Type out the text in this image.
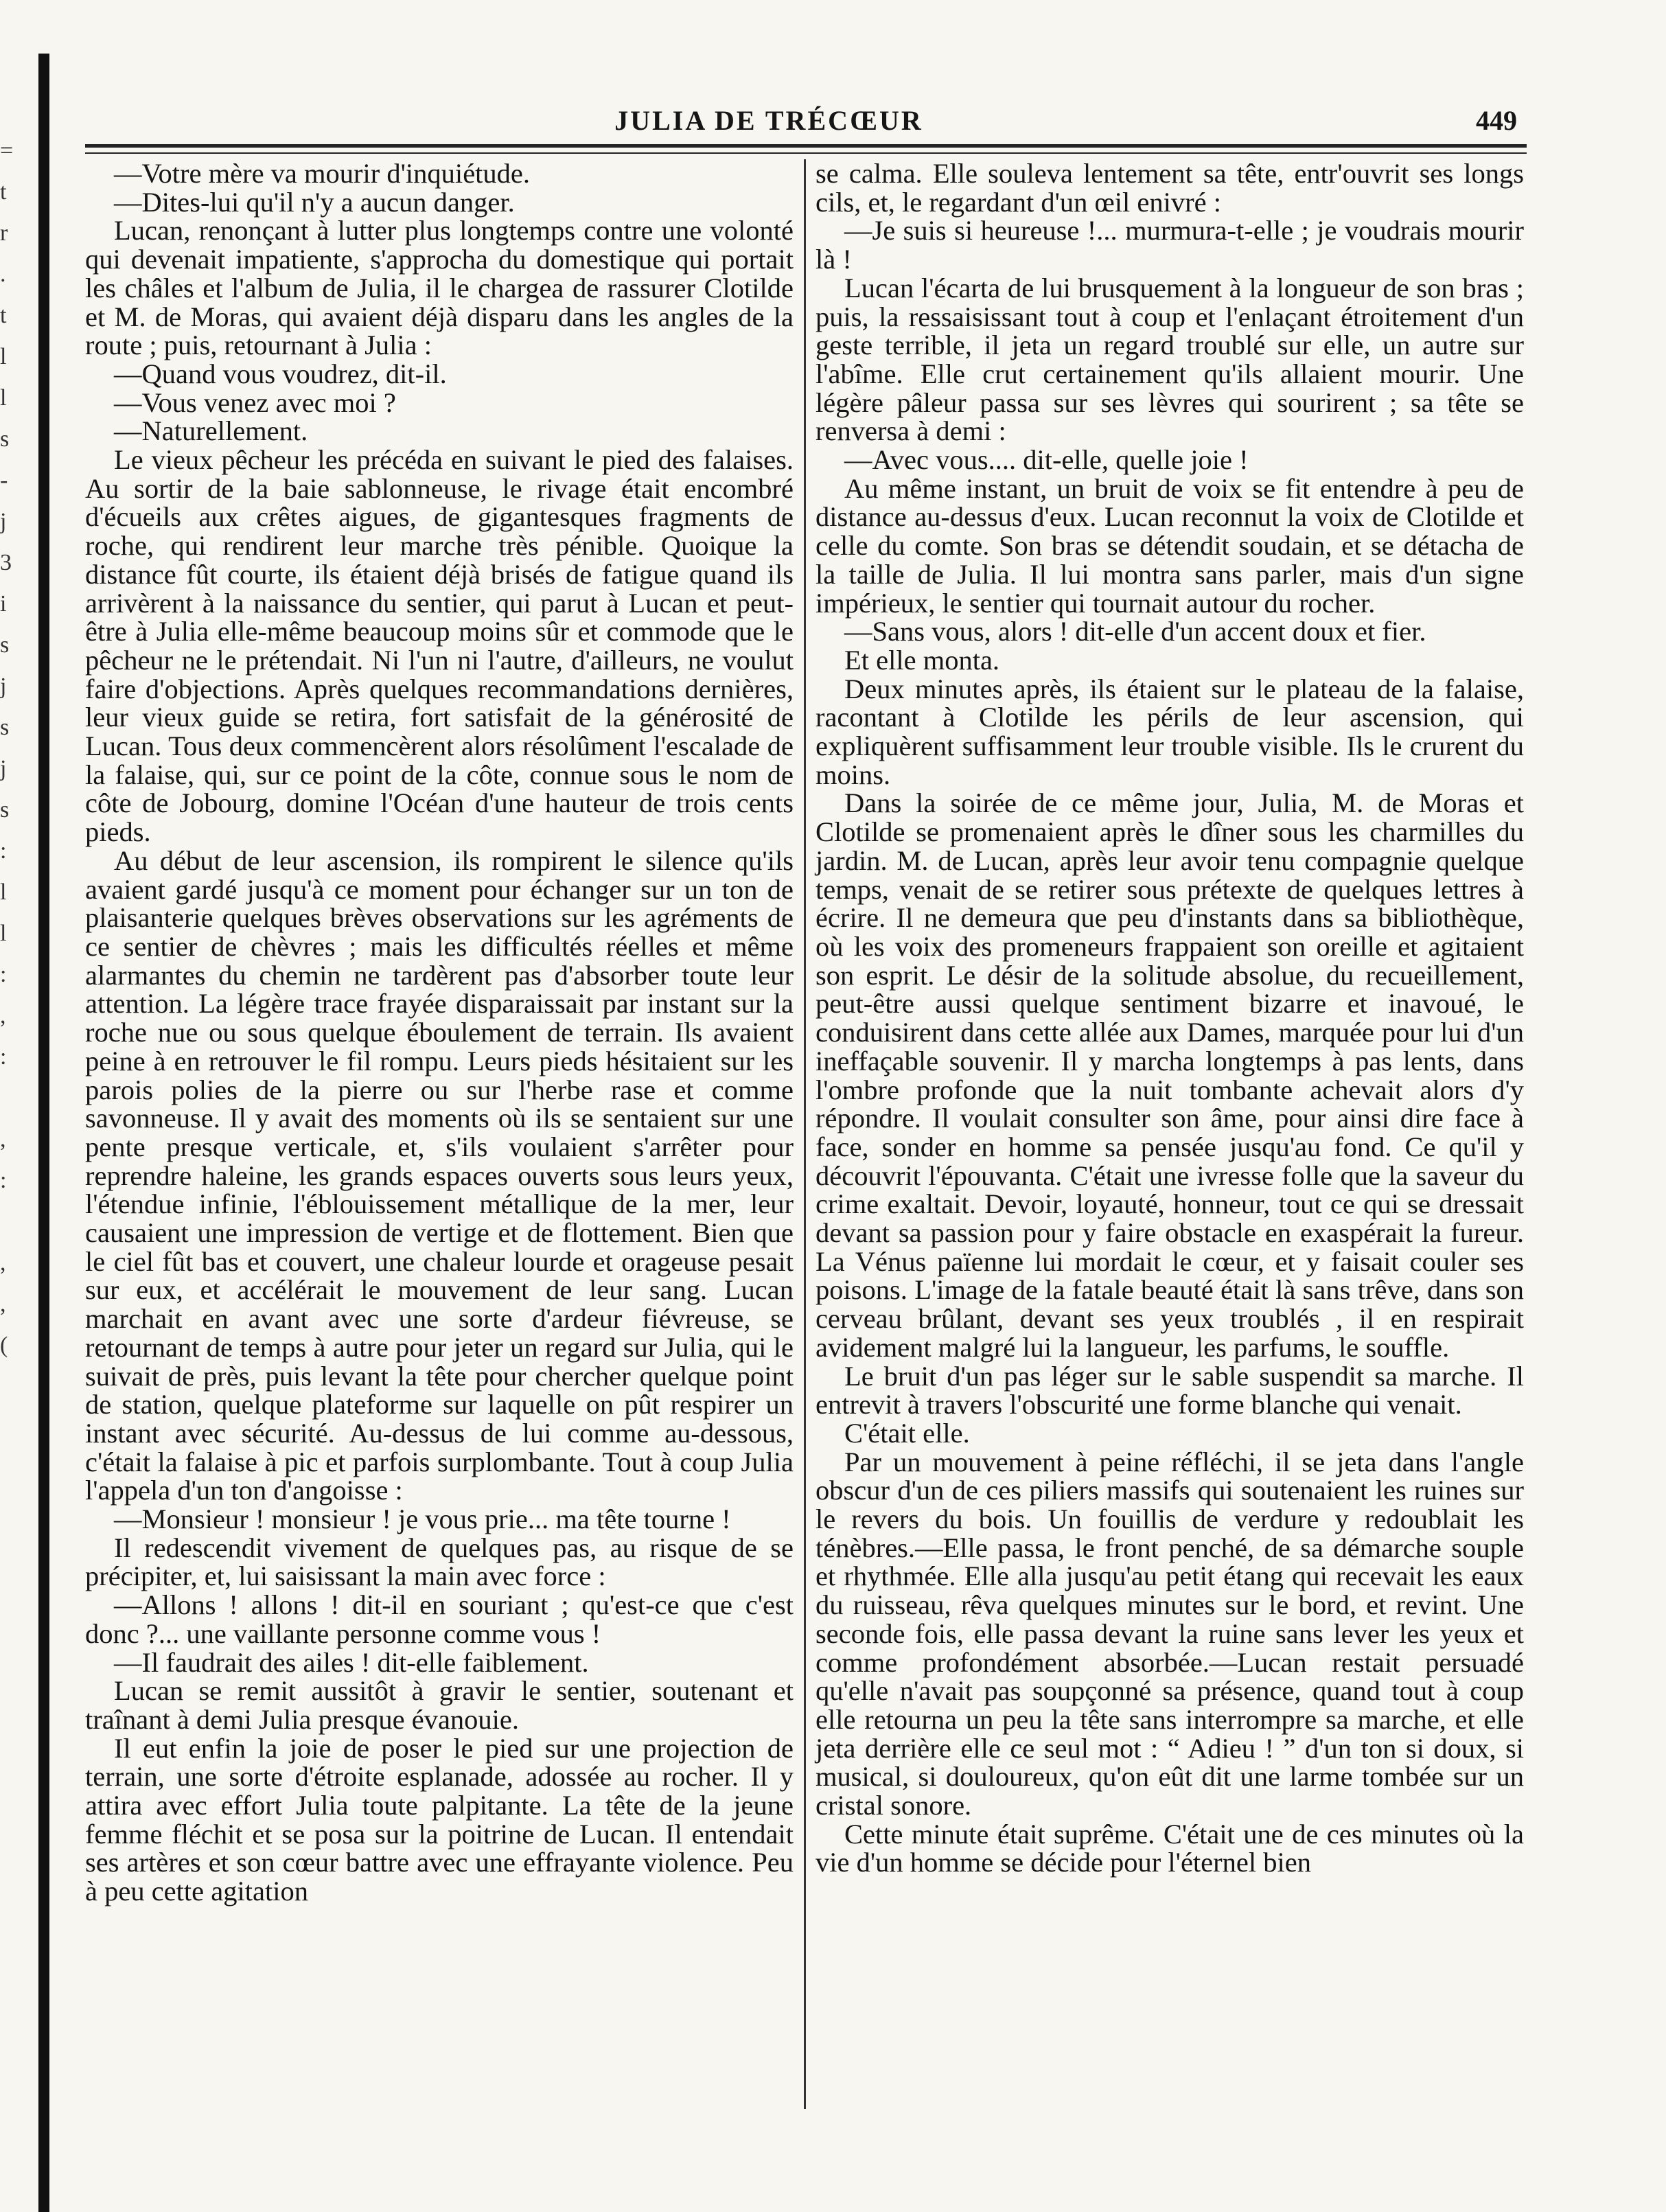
=
t
r
.
t
l
l
s
-
j
3
i
s
j
s
j
s
:
l
l
:
,
:
,
:
,
,
(
JULIA DE TRÉCŒUR	449

—Votre mère va mourir d'inquiétude.

—Dites-lui qu'il n'y a aucun danger.

Lucan, renonçant à lutter plus longtemps contre une volonté qui devenait impatiente, s'approcha du domestique qui portait les châles et l'album de Julia, il le chargea de rassurer Clotilde et M. de Moras, qui avaient déjà disparu dans les angles de la route ; puis, retournant à Julia :

—Quand vous voudrez, dit-il.

—Vous venez avec moi ?

—Naturellement.

Le vieux pêcheur les précéda en suivant le pied des falaises. Au sortir de la baie sablonneuse, le rivage était encombré d'écueils aux crêtes aigues, de gigantesques fragments de roche, qui rendirent leur marche très pénible. Quoique la distance fût courte, ils étaient déjà brisés de fatigue quand ils arrivèrent à la naissance du sentier, qui parut à Lucan et peut-être à Julia elle-même beaucoup moins sûr et commode que le pêcheur ne le prétendait. Ni l'un ni l'autre, d'ailleurs, ne voulut faire d'objections. Après quelques recommandations dernières, leur vieux guide se retira, fort satisfait de la générosité de Lucan. Tous deux commencèrent alors résolûment l'escalade de la falaise, qui, sur ce point de la côte, connue sous le nom de côte de Jobourg, domine l'Océan d'une hauteur de trois cents pieds.

Au début de leur ascension, ils rompirent le silence qu'ils avaient gardé jusqu'à ce moment pour échanger sur un ton de plaisanterie quelques brèves observations sur les agréments de ce sentier de chèvres ; mais les difficultés réelles et même alarmantes du chemin ne tardèrent pas d'absorber toute leur attention. La légère trace frayée disparaissait par instant sur la roche nue ou sous quelque éboulement de terrain. Ils avaient peine à en retrouver le fil rompu. Leurs pieds hésitaient sur les parois polies de la pierre ou sur l'herbe rase et comme savonneuse. Il y avait des moments où ils se sentaient sur une pente presque verticale, et, s'ils voulaient s'arrêter pour reprendre haleine, les grands espaces ouverts sous leurs yeux, l'étendue infinie, l'éblouissement métallique de la mer, leur causaient une impression de vertige et de flottement. Bien que le ciel fût bas et couvert, une chaleur lourde et orageuse pesait sur eux, et accélérait le mouvement de leur sang. Lucan marchait en avant avec une sorte d'ardeur fiévreuse, se retournant de temps à autre pour jeter un regard sur Julia, qui le suivait de près, puis levant la tête pour chercher quelque point de station, quelque plateforme sur laquelle on pût respirer un instant avec sécurité. Au-dessus de lui comme au-dessous, c'était la falaise à pic et parfois surplombante. Tout à coup Julia l'appela d'un ton d'angoisse :

—Monsieur ! monsieur ! je vous prie... ma tête tourne !

Il redescendit vivement de quelques pas, au risque de se précipiter, et, lui saisissant la main avec force :

—Allons ! allons ! dit-il en souriant ; qu'est-ce que c'est donc ?... une vaillante personne comme vous !

—Il faudrait des ailes ! dit-elle faiblement.

Lucan se remit aussitôt à gravir le sentier, soutenant et traînant à demi Julia presque évanouie.

Il eut enfin la joie de poser le pied sur une projection de terrain, une sorte d'étroite esplanade, adossée au rocher. Il y attira avec effort Julia toute palpitante. La tête de la jeune femme fléchit et se posa sur la poitrine de Lucan. Il entendait ses artères et son cœur battre avec une effrayante violence. Peu à peu cette agitation

se calma. Elle souleva lentement sa tête, entr'ouvrit ses longs cils, et, le regardant d'un œil enivré :

—Je suis si heureuse !... murmura-t-elle ; je voudrais mourir là !

Lucan l'écarta de lui brusquement à la longueur de son bras ; puis, la ressaisissant tout à coup et l'enlaçant étroitement d'un geste terrible, il jeta un regard troublé sur elle, un autre sur l'abîme. Elle crut certainement qu'ils allaient mourir. Une légère pâleur passa sur ses lèvres qui sourirent ; sa tête se renversa à demi :

—Avec vous.... dit-elle, quelle joie !

Au même instant, un bruit de voix se fit entendre à peu de distance au-dessus d'eux. Lucan reconnut la voix de Clotilde et celle du comte. Son bras se détendit soudain, et se détacha de la taille de Julia. Il lui montra sans parler, mais d'un signe impérieux, le sentier qui tournait autour du rocher.

—Sans vous, alors ! dit-elle d'un accent doux et fier.

Et elle monta.

Deux minutes après, ils étaient sur le plateau de la falaise, racontant à Clotilde les périls de leur ascension, qui expliquèrent suffisamment leur trouble visible. Ils le crurent du moins.

Dans la soirée de ce même jour, Julia, M. de Moras et Clotilde se promenaient après le dîner sous les charmilles du jardin. M. de Lucan, après leur avoir tenu compagnie quelque temps, venait de se retirer sous prétexte de quelques lettres à écrire. Il ne demeura que peu d'instants dans sa bibliothèque, où les voix des promeneurs frappaient son oreille et agitaient son esprit. Le désir de la solitude absolue, du recueillement, peut-être aussi quelque sentiment bizarre et inavoué, le conduisirent dans cette allée aux Dames, marquée pour lui d'un ineffaçable souvenir. Il y marcha longtemps à pas lents, dans l'ombre profonde que la nuit tombante achevait alors d'y répondre. Il voulait consulter son âme, pour ainsi dire face à face, sonder en homme sa pensée jusqu'au fond. Ce qu'il y découvrit l'épouvanta. C'était une ivresse folle que la saveur du crime exaltait. Devoir, loyauté, honneur, tout ce qui se dressait devant sa passion pour y faire obstacle en exaspérait la fureur. La Vénus païenne lui mordait le cœur, et y faisait couler ses poisons. L'image de la fatale beauté était là sans trêve, dans son cerveau brûlant, devant ses yeux troublés , il en respirait avidement malgré lui la langueur, les parfums, le souffle.

Le bruit d'un pas léger sur le sable suspendit sa marche. Il entrevit à travers l'obscurité une forme blanche qui venait.

C'était elle.

Par un mouvement à peine réfléchi, il se jeta dans l'angle obscur d'un de ces piliers massifs qui soutenaient les ruines sur le revers du bois. Un fouillis de verdure y redoublait les ténèbres.—Elle passa, le front penché, de sa démarche souple et rhythmée. Elle alla jusqu'au petit étang qui recevait les eaux du ruisseau, rêva quelques minutes sur le bord, et revint. Une seconde fois, elle passa devant la ruine sans lever les yeux et comme profondément absorbée.—Lucan restait persuadé qu'elle n'avait pas soupçonné sa présence, quand tout à coup elle retourna un peu la tête sans interrompre sa marche, et elle jeta derrière elle ce seul mot : “ Adieu ! ” d'un ton si doux, si musical, si douloureux, qu'on eût dit une larme tombée sur un cristal sonore.

Cette minute était suprême. C'était une de ces minutes où la vie d'un homme se décide pour l'éternel bien
